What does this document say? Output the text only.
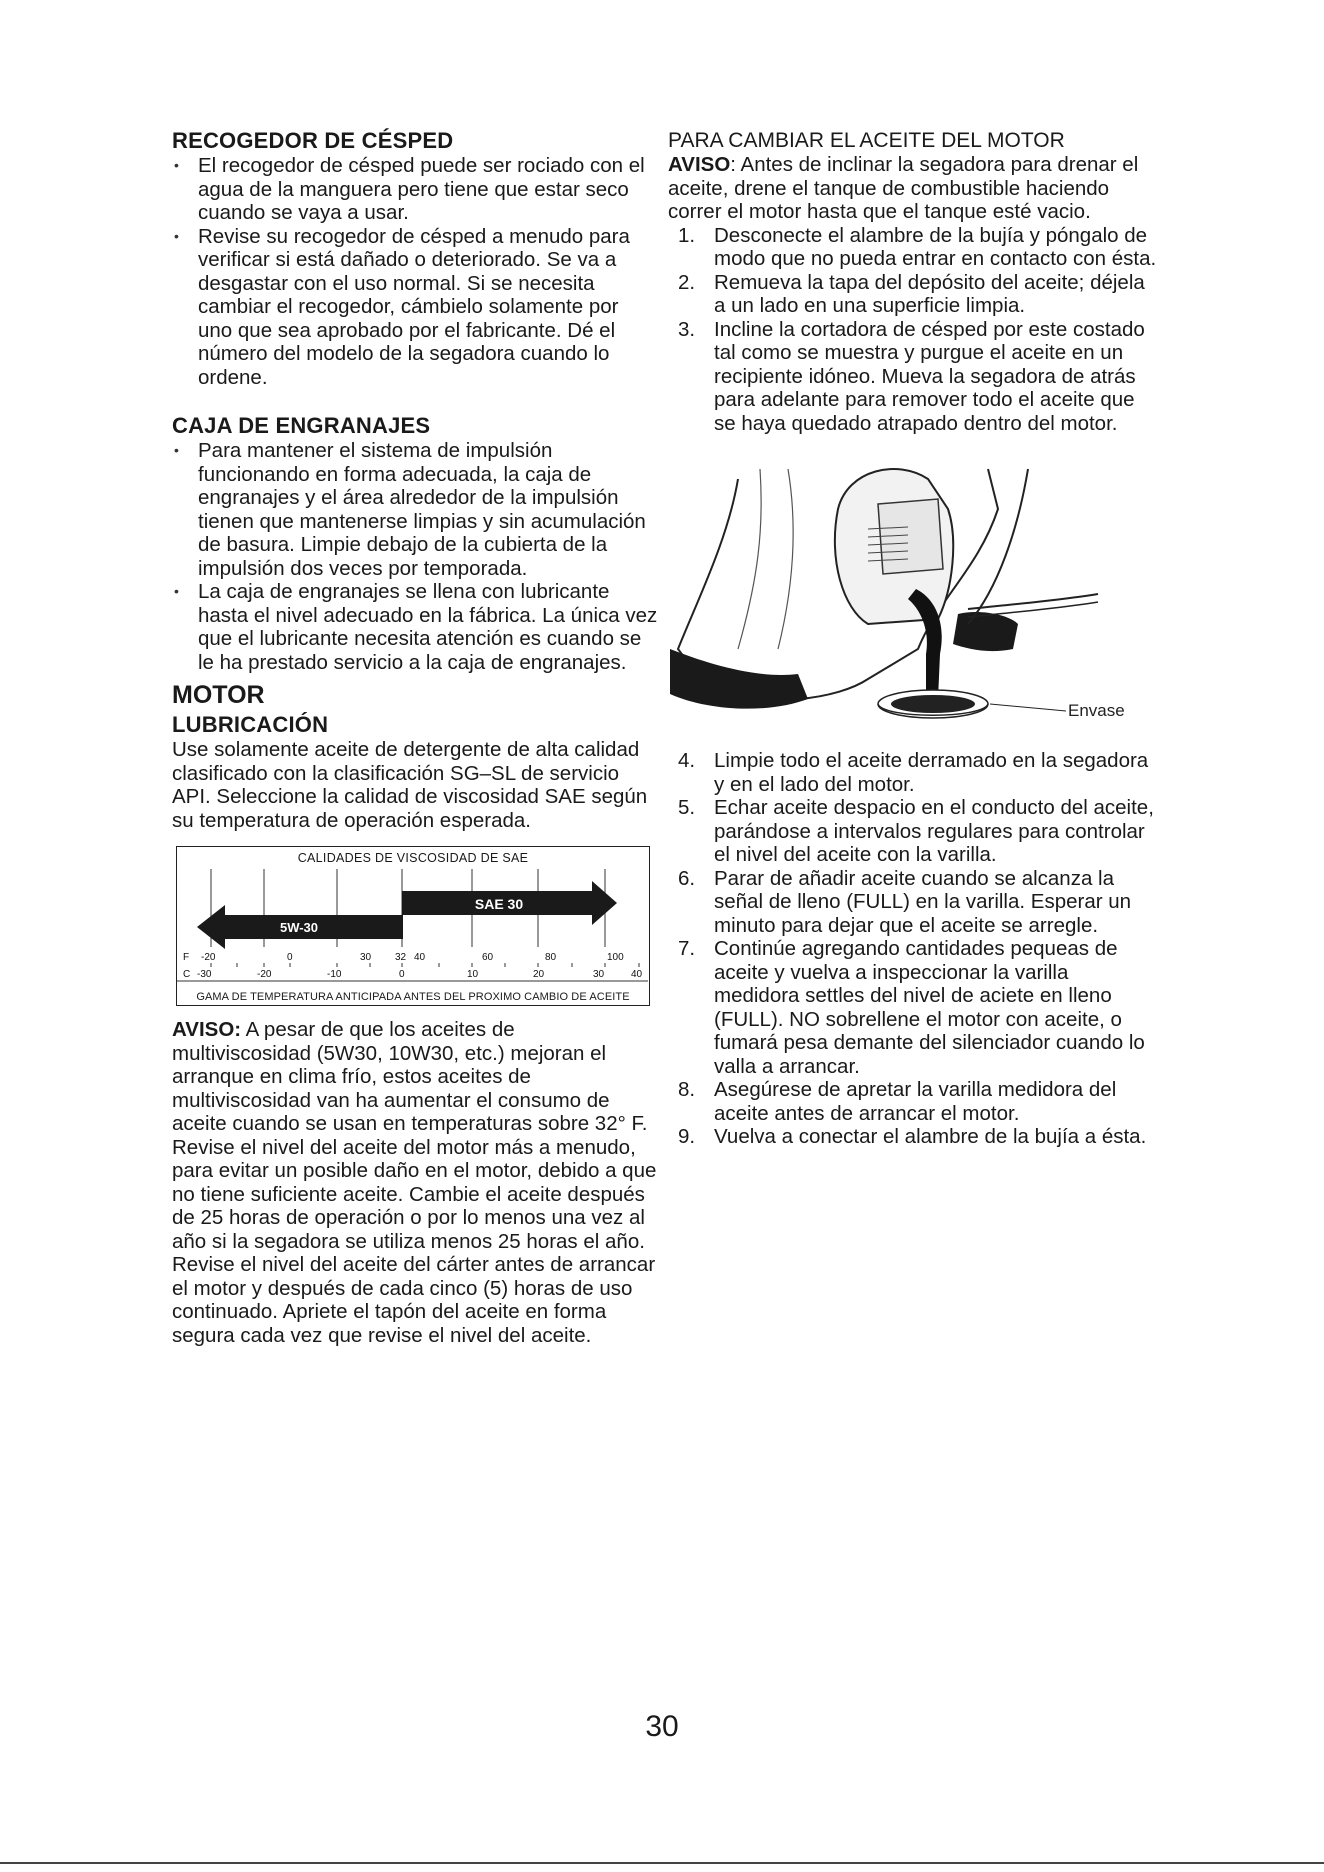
RECOGEDOR DE CÉSPED
• El recogedor de césped puede ser rociado con el agua de la manguera pero tiene que estar seco cuando se vaya a usar.
• Revise su recogedor de césped a menudo para verificar si está dañado o deteriorado. Se va a desgastar con el uso normal. Si se necesita cambiar el recogedor, cámbielo solamente por uno que sea aprobado por el fabricante. Dé el número del modelo de la segadora cuando lo ordene.
CAJA DE ENGRANAJES
• Para mantener el sistema de impulsión funcionando en forma adecuada, la caja de engranajes y el área alrededor de la impulsión tienen que mantenerse limpias y sin acumulación de basura. Limpie debajo de la cubierta de la impulsión dos veces por temporada.
• La caja de engranajes se llena con lubricante hasta el nivel adecuado en la fábrica. La única vez que el lubricante necesita atención es cuando se le ha prestado servicio a la caja de engranajes.
MOTOR
LUBRICACIÓN

Use solamente aceite de detergente de alta calidad clasificado con la clasificación SG–SL de servicio API. Seleccione la calidad de viscosidad SAE según su temperatura de operación esperada.

CALIDADES DE VISCOSIDAD DE SAE
SAE 30
5W-30
F -20	0	30 32 40	60	80	100
C -30	-20	-10	0	10	20	30	40
GAMA DE TEMPERATURA ANTICIPADA ANTES DEL PROXIMO CAMBIO DE ACEITE

AVISO: A pesar de que los aceites de multiviscosidad (5W30, 10W30, etc.) mejoran el arranque en clima frío, estos aceites de multiviscosidad van ha aumentar el consumo de aceite cuando se usan en temperaturas sobre 32° F. Revise el nivel del aceite del motor más a menudo, para evitar un posible daño en el motor, debido a que no tiene suficiente aceite. Cambie el aceite después de 25 horas de operación o por lo menos una vez al año si la segadora se utiliza menos 25 horas el año. Revise el nivel del aceite del cárter antes de arrancar el motor y después de cada cinco (5) horas de uso continuado. Apriete el tapón del aceite en forma segura cada vez que revise el nivel del aceite.

PARA CAMBIAR EL ACEITE DEL MOTOR

AVISO: Antes de inclinar la segadora para drenar el aceite, drene el tanque de combustible haciendo correr el motor hasta que el tanque esté vacio.

1. Desconecte el alambre de la bujía y póngalo de modo que no pueda entrar en contacto con ésta.
2. Remueva la tapa del depósito del aceite; déjela a un lado en una superficie limpia.
3. Incline la cortadora de césped por este costado tal como se muestra y purgue el aceite en un recipiente idóneo. Mueva la segadora de atrás para adelante para remover todo el aceite que se haya quedado atrapado dentro del motor.
Envase
4. Limpie todo el aceite derramado en la segadora y en el lado del motor.
5. Echar aceite despacio en el conducto del aceite, parándose a intervalos regulares para controlar el nivel del aceite con la varilla.
6. Parar de añadir aceite cuando se alcanza la señal de lleno (FULL) en la varilla. Esperar un minuto para dejar que el aceite se arregle.
7. Continúe agregando cantidades pequeas de aceite y vuelva a inspeccionar la varilla medidora settles del nivel de aciete en lleno (FULL). NO sobrellene el motor con aceite, o fumará pesa demante del silenciador cuando lo valla a arrancar.
8. Asegúrese de apretar la varilla medidora del aceite antes de arrancar el motor.
9. Vuelva a conectar el alambre de la bujía a ésta.
30
